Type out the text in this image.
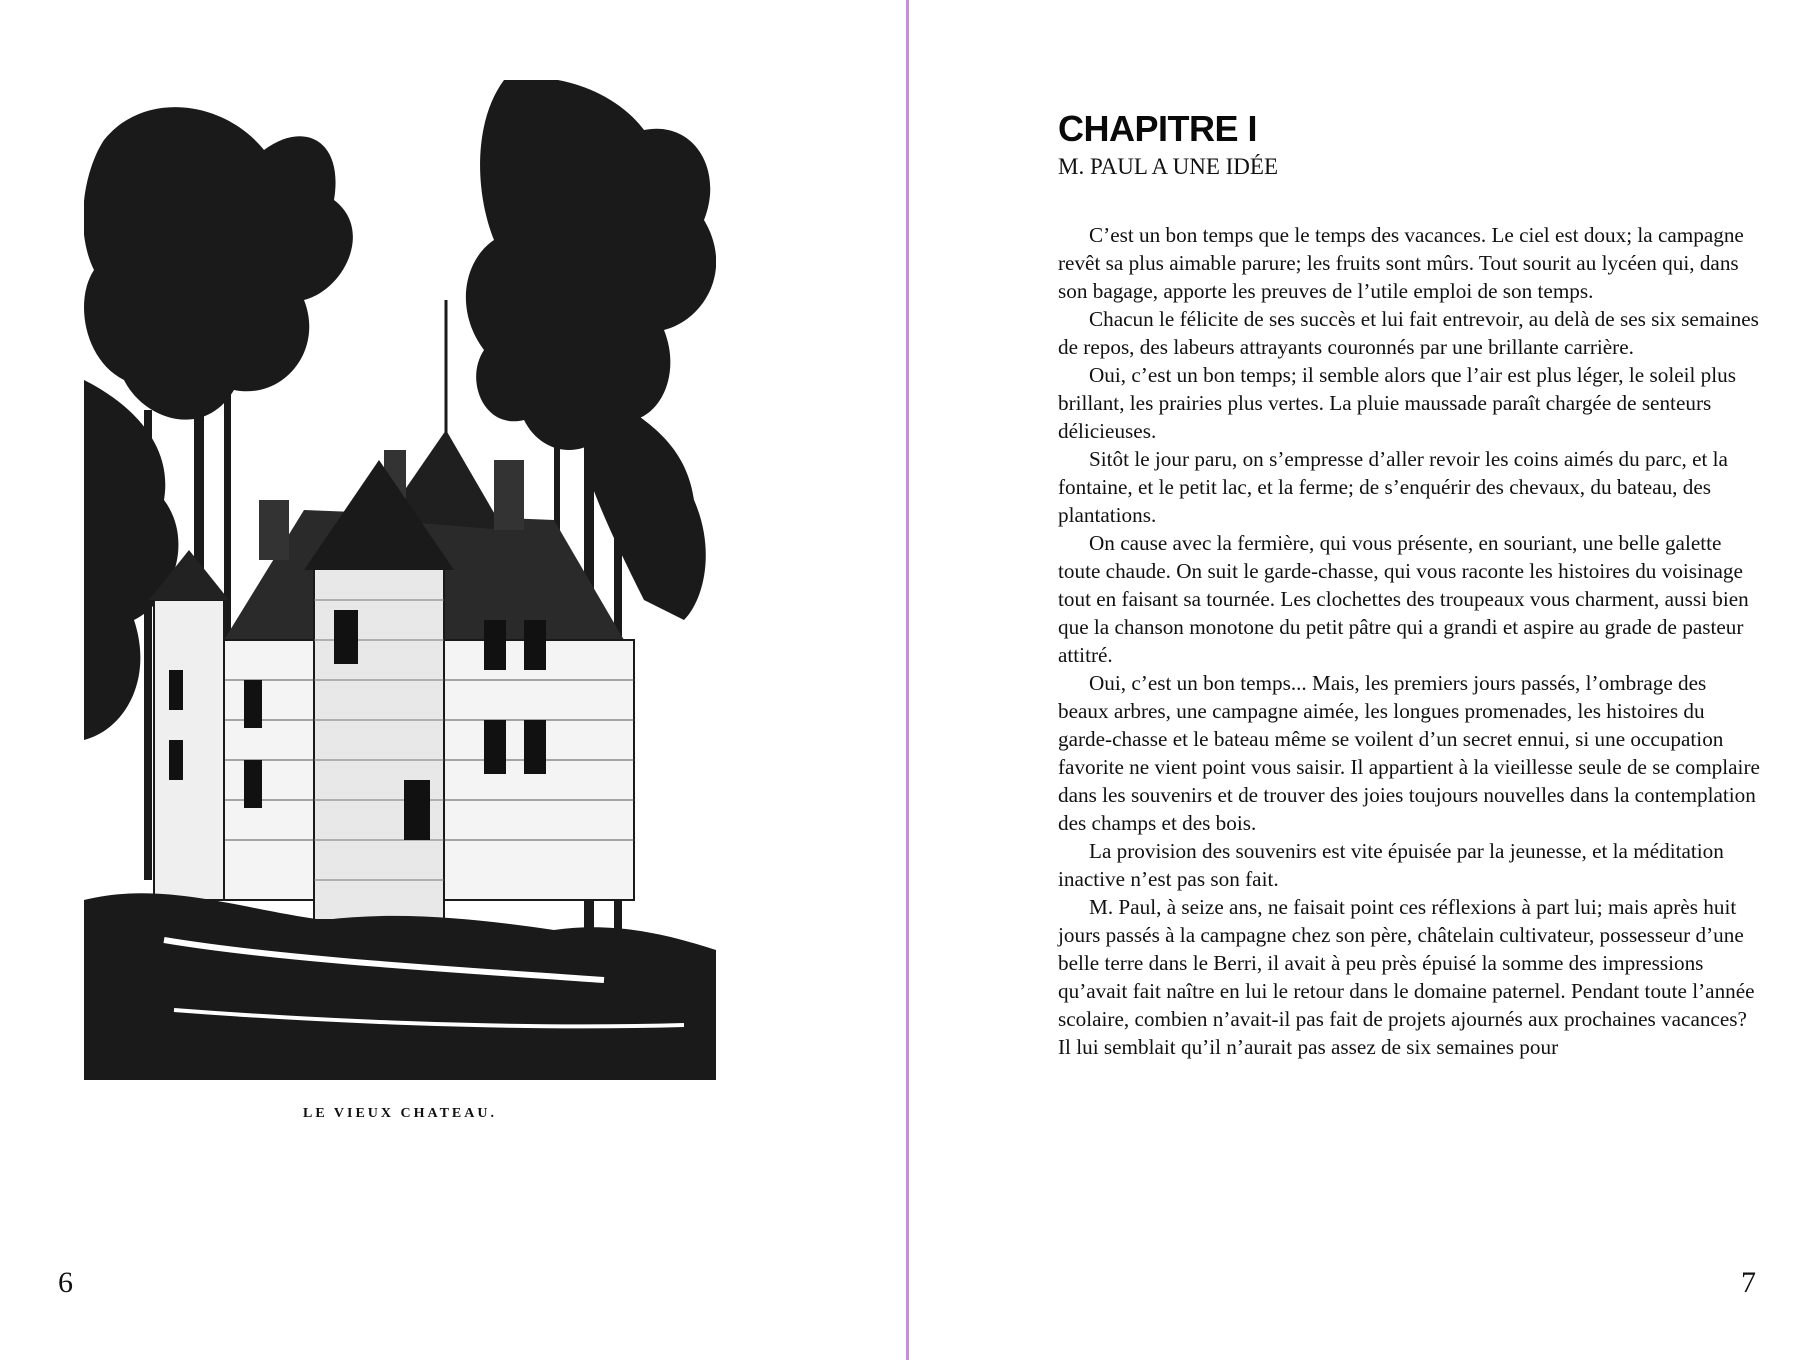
LE VIEUX CHATEAU.
6
CHAPITRE I
M. PAUL A UNE IDÉE

C’est un bon temps que le temps des vacances. Le ciel est doux; la campagne revêt sa plus aimable parure; les fruits sont mûrs. Tout sourit au lycéen qui, dans son bagage, apporte les preuves de l’utile emploi de son temps.

Chacun le félicite de ses succès et lui fait entrevoir, au delà de ses six semaines de repos, des labeurs attrayants couronnés par une brillante carrière.

Oui, c’est un bon temps; il semble alors que l’air est plus léger, le soleil plus brillant, les prairies plus vertes. La pluie maussade paraît chargée de senteurs délicieuses.

Sitôt le jour paru, on s’empresse d’aller revoir les coins aimés du parc, et la fontaine, et le petit lac, et la ferme; de s’enquérir des chevaux, du bateau, des plantations.

On cause avec la fermière, qui vous présente, en souriant, une belle galette toute chaude. On suit le garde-chasse, qui vous raconte les histoires du voisinage tout en faisant sa tournée. Les clochettes des troupeaux vous charment, aussi bien que la chanson monotone du petit pâtre qui a grandi et aspire au grade de pasteur attitré.

Oui, c’est un bon temps... Mais, les premiers jours passés, l’ombrage des beaux arbres, une campagne aimée, les longues promenades, les histoires du garde-chasse et le bateau même se voilent d’un secret ennui, si une occupation favorite ne vient point vous saisir. Il appartient à la vieillesse seule de se complaire dans les souvenirs et de trouver des joies toujours nouvelles dans la contemplation des champs et des bois.

La provision des souvenirs est vite épuisée par la jeunesse, et la méditation inactive n’est pas son fait.

M. Paul, à seize ans, ne faisait point ces réflexions à part lui; mais après huit jours passés à la campagne chez son père, châtelain cultivateur, possesseur d’une belle terre dans le Berri, il avait à peu près épuisé la somme des impressions qu’avait fait naître en lui le retour dans le domaine paternel. Pendant toute l’année scolaire, combien n’avait-il pas fait de projets ajournés aux prochaines vacances? Il lui semblait qu’il n’aurait pas assez de six semaines pour

7
